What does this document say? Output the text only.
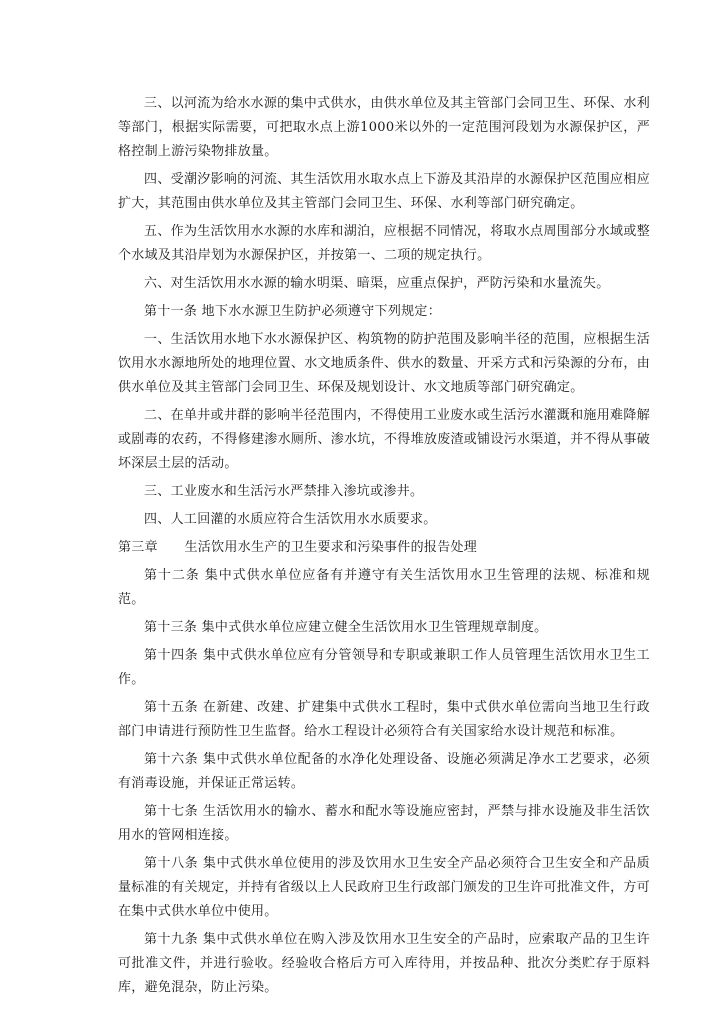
三、以河流为给水水源的集中式供水，由供水单位及其主管部门会同卫生、环保、水利等部门，根据实际需要，可把取水点上游1000米以外的一定范围河段划为水源保护区，严格控制上游污染物排放量。

四、受潮汐影响的河流、其生活饮用水取水点上下游及其沿岸的水源保护区范围应相应扩大，其范围由供水单位及其主管部门会同卫生、环保、水利等部门研究确定。

五、作为生活饮用水水源的水库和湖泊，应根据不同情况，将取水点周围部分水域或整个水域及其沿岸划为水源保护区，并按第一、二项的规定执行。

六、对生活饮用水水源的输水明渠、暗渠，应重点保护，严防污染和水量流失。

第十一条 地下水水源卫生防护必须遵守下列规定：

一、生活饮用水地下水水源保护区、构筑物的防护范围及影响半径的范围，应根据生活饮用水水源地所处的地理位置、水文地质条件、供水的数量、开采方式和污染源的分布，由供水单位及其主管部门会同卫生、环保及规划设计、水文地质等部门研究确定。

二、在单井或井群的影响半径范围内，不得使用工业废水或生活污水灌溉和施用难降解或剧毒的农药，不得修建渗水厕所、渗水坑，不得堆放废渣或铺设污水渠道，并不得从事破坏深层土层的活动。

三、工业废水和生活污水严禁排入渗坑或渗井。

四、人工回灌的水质应符合生活饮用水水质要求。

第三章      生活饮用水生产的卫生要求和污染事件的报告处理

第十二条 集中式供水单位应备有并遵守有关生活饮用水卫生管理的法规、标准和规范。

第十三条 集中式供水单位应建立健全生活饮用水卫生管理规章制度。

第十四条 集中式供水单位应有分管领导和专职或兼职工作人员管理生活饮用水卫生工作。

第十五条 在新建、改建、扩建集中式供水工程时，集中式供水单位需向当地卫生行政部门申请进行预防性卫生监督。给水工程设计必须符合有关国家给水设计规范和标准。

第十六条 集中式供水单位配备的水净化处理设备、设施必须满足净水工艺要求，必须有消毒设施，并保证正常运转。

第十七条 生活饮用水的输水、蓄水和配水等设施应密封，严禁与排水设施及非生活饮用水的管网相连接。

第十八条 集中式供水单位使用的涉及饮用水卫生安全产品必须符合卫生安全和产品质量标准的有关规定，并持有省级以上人民政府卫生行政部门颁发的卫生许可批准文件，方可在集中式供水单位中使用。

第十九条 集中式供水单位在购入涉及饮用水卫生安全的产品时，应索取产品的卫生许可批准文件，并进行验收。经验收合格后方可入库待用，并按品种、批次分类贮存于原料库，避免混杂，防止污染。
